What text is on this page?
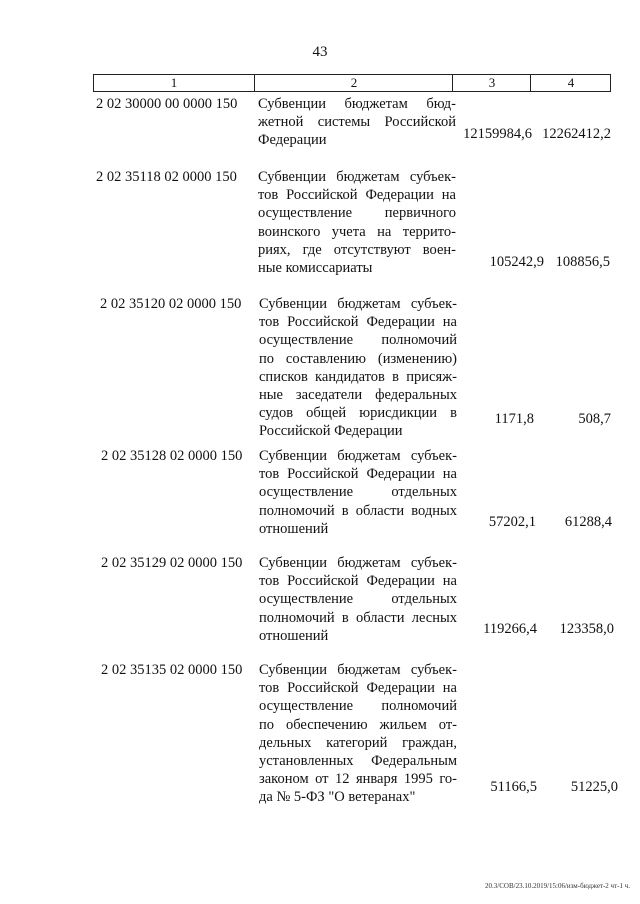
43
1	2	3	4
2 02 30000 00 0000 150 Субвенции бюджетам бюд-
жетной системы Российской
Федерации	12159984,6 12262412,2
2 02 35118 02 0000 150 Субвенции бюджетам субъек-
тов Российской Федерации на
осуществление первичного
воинского учета на террито-
риях, где отсутствуют воен-
ные комиссариаты	105242,9 108856,5
2 02 35120 02 0000 150 Субвенции бюджетам субъек-
тов Российской Федерации на
осуществление полномочий
по составлению (изменению)
списков кандидатов в присяж-
ные заседатели федеральных
судов общей юрисдикции в
Российской Федерации
1171,8	508,7
2 02 35128 02 0000 150 Субвенции бюджетам субъек-
тов Российской Федерации на
осуществление отдельных
полномочий в области водных
отношений	57202,1 61288,4
2 02 35129 02 0000 150 Субвенции бюджетам субъек-
тов Российской Федерации на
осуществление отдельных
полномочий в области лесных
отношений	119266,4 123358,0
2 02 35135 02 0000 150 Субвенции бюджетам субъек-
тов Российской Федерации на
осуществление полномочий
по обеспечению жильем от-
дельных категорий граждан,
установленных Федеральным
законом от 12 января 1995 го-
да № 5-ФЗ "О ветеранах"
51166,5 51225,0
20.3/СОВ/23.10.2019/15:06/изм-бюджет-2 чт-1 ч.
